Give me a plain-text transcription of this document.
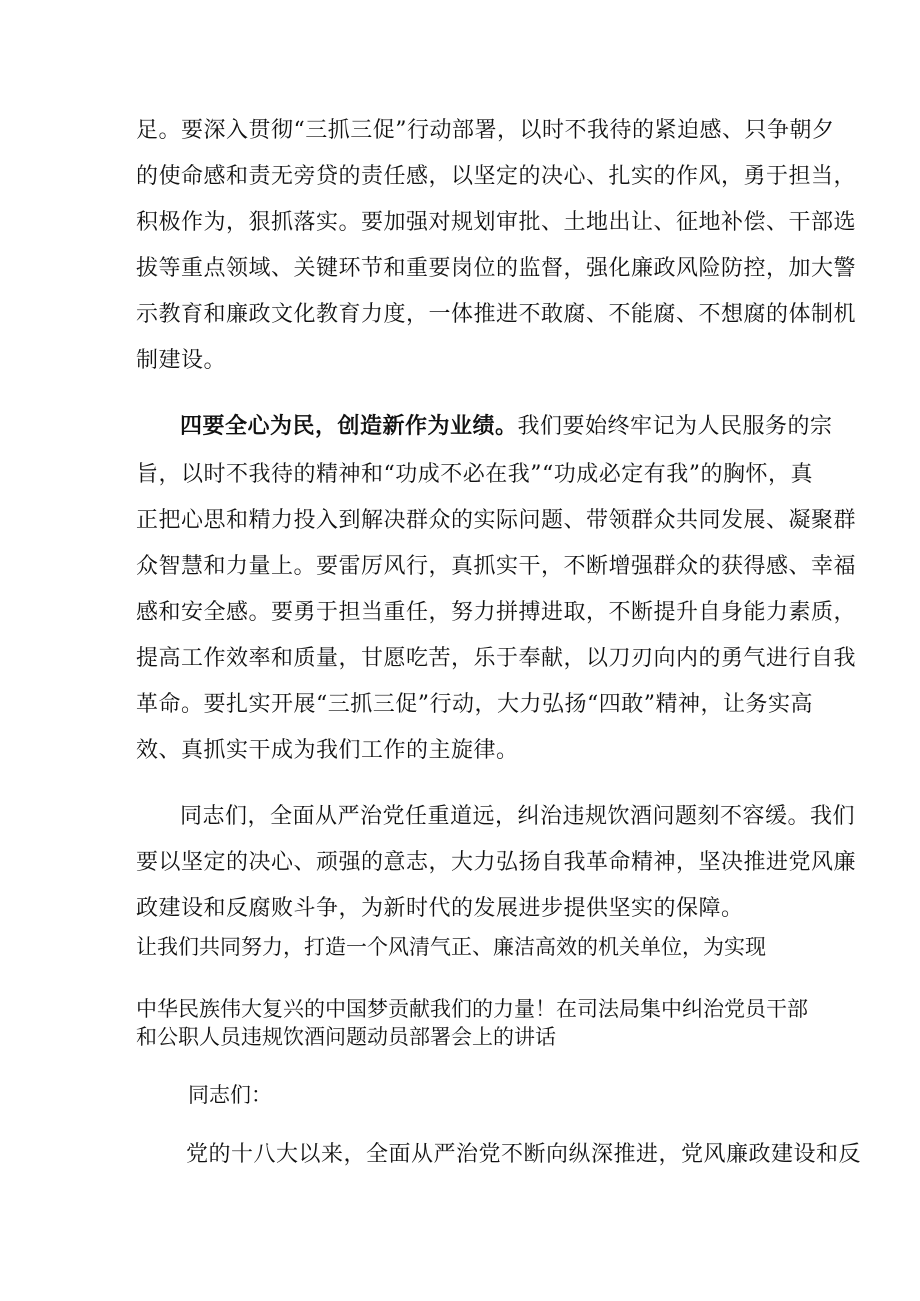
足。要深入贯彻“三抓三促”行动部署，以时不我待的紧迫感、只争朝夕
的使命感和责无旁贷的责任感，以坚定的决心、扎实的作风，勇于担当，
积极作为，狠抓落实。要加强对规划审批、土地出让、征地补偿、干部选
拔等重点领域、关键环节和重要岗位的监督，强化廉政风险防控，加大警
示教育和廉政文化教育力度，一体推进不敢腐、不能腐、不想腐的体制机
制建设。
四要全心为民，创造新作为业绩。我们要始终牢记为人民服务的宗
旨，以时不我待的精神和“功成不必在我”“功成必定有我”的胸怀，真
正把心思和精力投入到解决群众的实际问题、带领群众共同发展、凝聚群
众智慧和力量上。要雷厉风行，真抓实干，不断增强群众的获得感、幸福
感和安全感。要勇于担当重任，努力拼搏进取，不断提升自身能力素质，
提高工作效率和质量，甘愿吃苦，乐于奉献，以刀刃向内的勇气进行自我
革命。要扎实开展“三抓三促”行动，大力弘扬“四敢”精神，让务实高
效、真抓实干成为我们工作的主旋律。
同志们，全面从严治党任重道远，纠治违规饮酒问题刻不容缓。我们
要以坚定的决心、顽强的意志，大力弘扬自我革命精神，坚决推进党风廉
政建设和反腐败斗争，为新时代的发展进步提供坚实的保障。
让我们共同努力，打造一个风清气正、廉洁高效的机关单位，为实现
中华民族伟大复兴的中国梦贡献我们的力量！在司法局集中纠治党员干部
和公职人员违规饮酒问题动员部署会上的讲话
同志们：
党的十八大以来，全面从严治党不断向纵深推进，党风廉政建设和反
